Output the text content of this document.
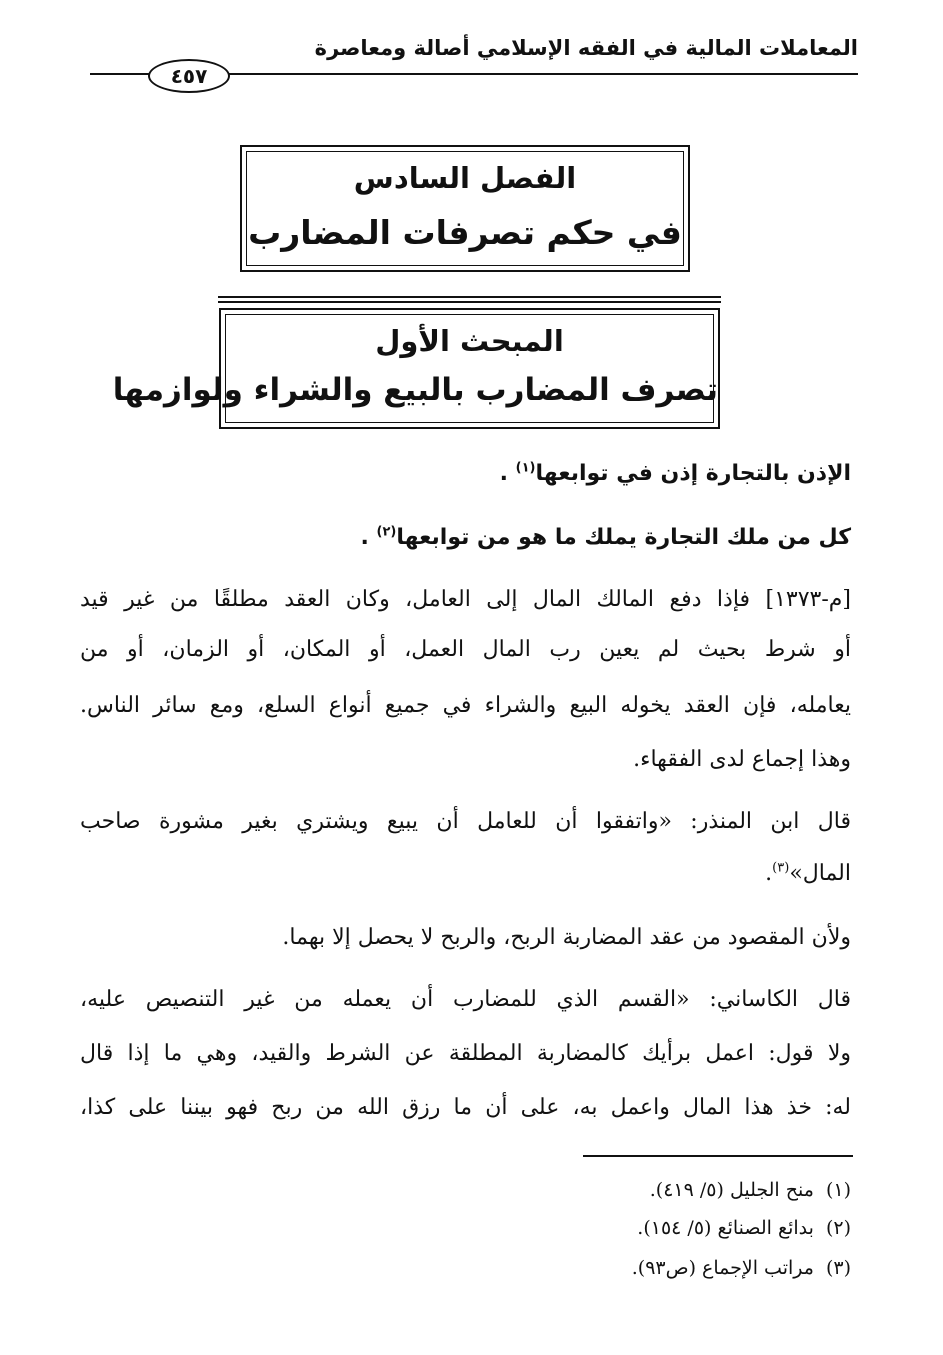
المعاملات المالية في الفقه الإسلامي أصالة ومعاصرة
٤٥٧
الفصل السادس
في حكم تصرفات المضارب
المبحث الأول
تصرف المضارب بالبيع والشراء ولوازمها
الإذن بالتجارة إذن في توابعها$^{(١)}$ .
كل من ملك التجارة يملك ما هو من توابعها$^{(٢)}$ .
[م-١٣٧٣] فإذا دفع المالك المال إلى العامل، وكان العقد مطلقًا من غير قيد
أو شرط بحيث لم يعين رب المال العمل، أو المكان، أو الزمان، أو من
يعامله، فإن العقد يخوله البيع والشراء في جميع أنواع السلع، ومع سائر الناس.
وهذا إجماع لدى الفقهاء.
قال ابن المنذر: «واتفقوا أن للعامل أن يبيع ويشتري بغير مشورة صاحب
المال»$^{(٣)}$.
ولأن المقصود من عقد المضاربة الربح، والربح لا يحصل إلا بهما.
قال الكاساني: «القسم الذي للمضارب أن يعمله من غير التنصيص عليه،
ولا قول: اعمل برأيك كالمضاربة المطلقة عن الشرط والقيد، وهي ما إذا قال
له: خذ هذا المال واعمل به، على أن ما رزق الله من ربح فهو بيننا على كذا،
(١)منح الجليل (٥/ ٤١٩).
(٢)بدائع الصنائع (٥/ ١٥٤).
(٣)مراتب الإجماع (ص٩٣).
